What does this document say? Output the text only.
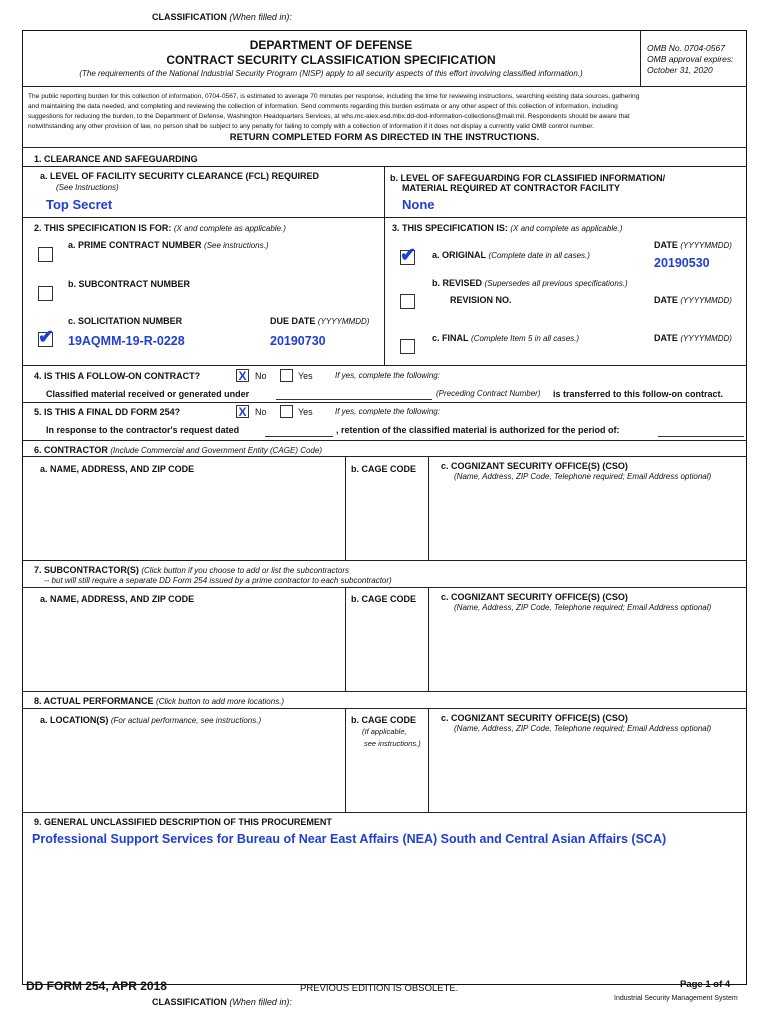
CLASSIFICATION (When filled in):
DEPARTMENT OF DEFENSE
CONTRACT SECURITY CLASSIFICATION SPECIFICATION
(The requirements of the National Industrial Security Program (NISP) apply to all security aspects of this effort involving classified information.)
OMB No. 0704-0567
OMB approval expires:
October 31, 2020
The public reporting burden for this collection of information, 0704-0567, is estimated to average 70 minutes per response, including the time for reviewing instructions, searching existing data sources, gathering
and maintaining the data needed, and completing and reviewing the collection of information. Send comments regarding this burden estimate or any other aspect of this collection of information, including
suggestions for reducing the burden, to the Department of Defense, Washington Headquarters Services, at whs.mc-alex.esd.mbx.dd-dod-information-collections@mail.mil. Respondents should be aware that
notwithstanding any other provision of law, no person shall be subject to any penalty for failing to comply with a collection of information if it does not display a currently valid OMB control number.
RETURN COMPLETED FORM AS DIRECTED IN THE INSTRUCTIONS.
1. CLEARANCE AND SAFEGUARDING
a. LEVEL OF FACILITY SECURITY CLEARANCE (FCL) REQUIRED
(See Instructions)
Top Secret
b. LEVEL OF SAFEGUARDING FOR CLASSIFIED INFORMATION/
MATERIAL REQUIRED AT CONTRACTOR FACILITY
None
2. THIS SPECIFICATION IS FOR: (X and complete as applicable.)
a. PRIME CONTRACT NUMBER (See instructions.)
b. SUBCONTRACT NUMBER
c. SOLICITATION NUMBER	DUE DATE (YYYYMMDD)
✔ 19AQMM-19-R-0228	20190730
3. THIS SPECIFICATION IS: (X and complete as applicable.)
DATE (YYYYMMDD)
✔ a. ORIGINAL (Complete date in all cases.)
20190530
b. REVISED (Supersedes all previous specifications.)
REVISION NO.	DATE (YYYYMMDD)
c. FINAL (Complete Item 5 in all cases.)	DATE (YYYYMMDD)
4. IS THIS A FOLLOW-ON CONTRACT?	X No	Yes	If yes, complete the following:
Classified material received or generated under	(Preceding Contract Number) is transferred to this follow-on contract.
5. IS THIS A FINAL DD FORM 254?	X No	Yes	If yes, complete the following:
In response to the contractor's request dated	, retention of the classified material is authorized for the period of:
6. CONTRACTOR (Include Commercial and Government Entity (CAGE) Code)
a. NAME, ADDRESS, AND ZIP CODE	b. CAGE CODE	c. COGNIZANT SECURITY OFFICE(S) (CSO)
(Name, Address, ZIP Code, Telephone required; Email Address optional)
7. SUBCONTRACTOR(S) (Click button if you choose to add or list the subcontractors
-- but will still require a separate DD Form 254 issued by a prime contractor to each subcontractor)
a. NAME, ADDRESS, AND ZIP CODE	b. CAGE CODE	c. COGNIZANT SECURITY OFFICE(S) (CSO)
(Name, Address, ZIP Code, Telephone required; Email Address optional)
8. ACTUAL PERFORMANCE (Click button to add more locations.)
a. LOCATION(S) (For actual performance, see instructions.)	b. CAGE CODE
(If applicable,
see instructions.)
c. COGNIZANT SECURITY OFFICE(S) (CSO)
(Name, Address, ZIP Code, Telephone required; Email Address optional)
9. GENERAL UNCLASSIFIED DESCRIPTION OF THIS PROCUREMENT
Professional Support Services for Bureau of Near East Affairs (NEA) South and Central Asian Affairs (SCA)
DD FORM 254, APR 2018	PREVIOUS EDITION IS OBSOLETE.	Page 1 of 4
Industrial Security Management System
CLASSIFICATION (When filled in):
